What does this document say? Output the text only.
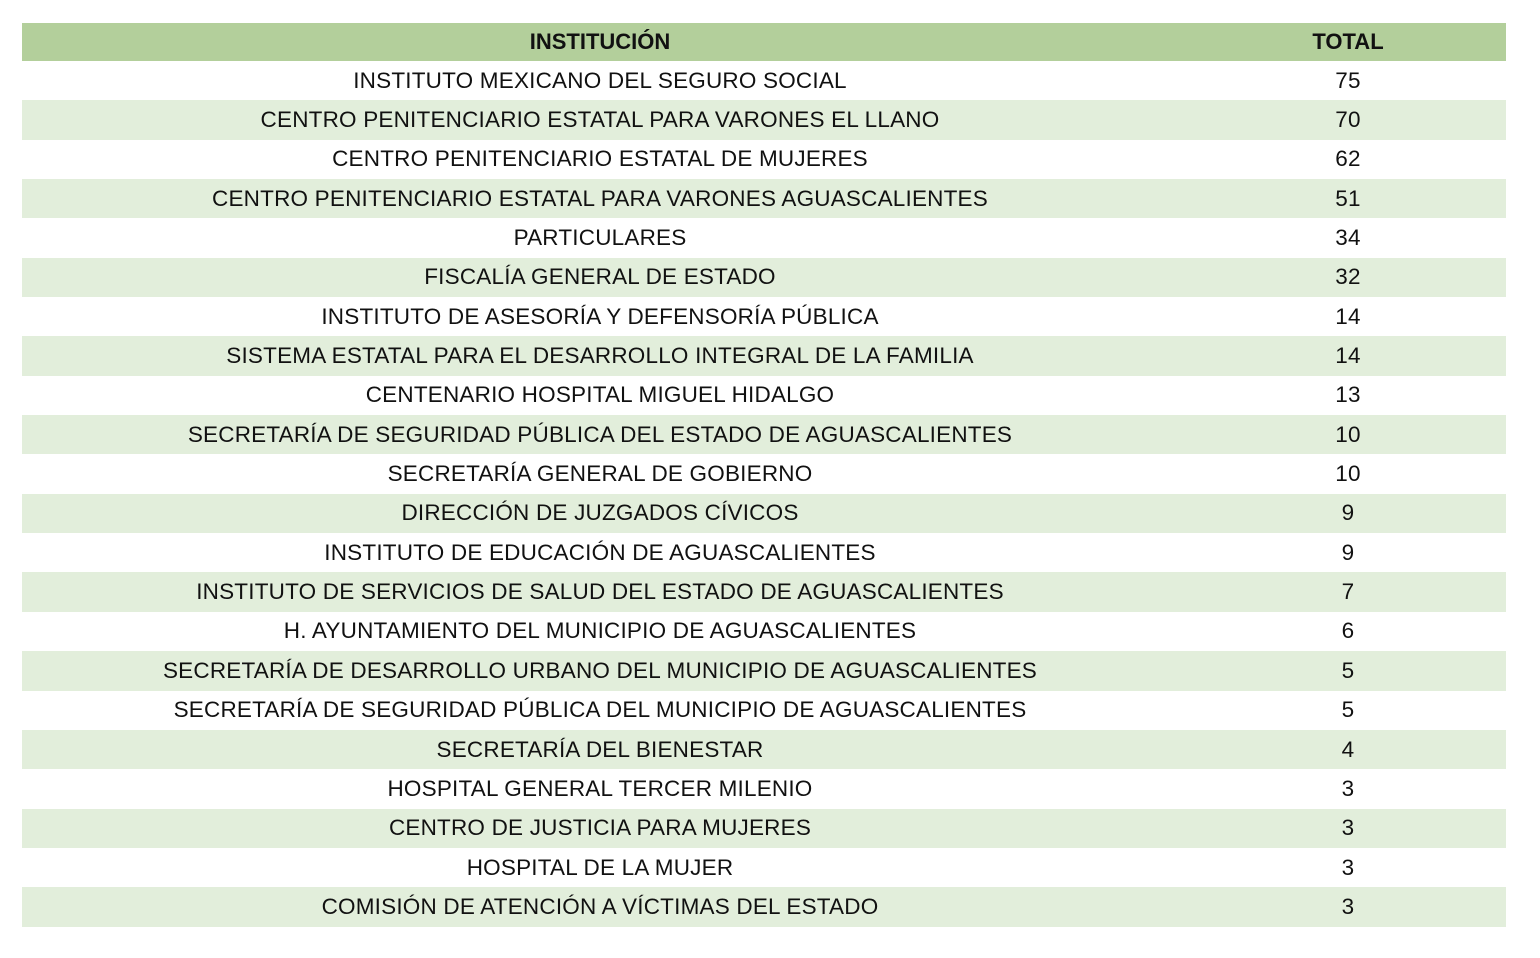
INSTITUCIÓN	TOTAL
INSTITUTO MEXICANO DEL SEGURO SOCIAL	75
CENTRO PENITENCIARIO ESTATAL PARA VARONES EL LLANO	70
CENTRO PENITENCIARIO ESTATAL DE MUJERES	62
CENTRO PENITENCIARIO ESTATAL PARA VARONES AGUASCALIENTES	51
PARTICULARES	34
FISCALÍA GENERAL DE ESTADO	32
INSTITUTO DE ASESORÍA Y DEFENSORÍA PÚBLICA	14
SISTEMA ESTATAL PARA EL DESARROLLO INTEGRAL DE LA FAMILIA	14
CENTENARIO HOSPITAL MIGUEL HIDALGO	13
SECRETARÍA DE SEGURIDAD PÚBLICA DEL ESTADO DE AGUASCALIENTES	10
SECRETARÍA GENERAL DE GOBIERNO	10
DIRECCIÓN DE JUZGADOS CÍVICOS	9
INSTITUTO DE EDUCACIÓN DE AGUASCALIENTES	9
INSTITUTO DE SERVICIOS DE SALUD DEL ESTADO DE AGUASCALIENTES	7
H. AYUNTAMIENTO DEL MUNICIPIO DE AGUASCALIENTES	6
SECRETARÍA DE DESARROLLO URBANO DEL MUNICIPIO DE AGUASCALIENTES	5
SECRETARÍA DE SEGURIDAD PÚBLICA DEL MUNICIPIO DE AGUASCALIENTES	5
SECRETARÍA DEL BIENESTAR	4
HOSPITAL GENERAL TERCER MILENIO	3
CENTRO DE JUSTICIA PARA MUJERES	3
HOSPITAL DE LA MUJER	3
COMISIÓN DE ATENCIÓN A VÍCTIMAS DEL ESTADO	3
